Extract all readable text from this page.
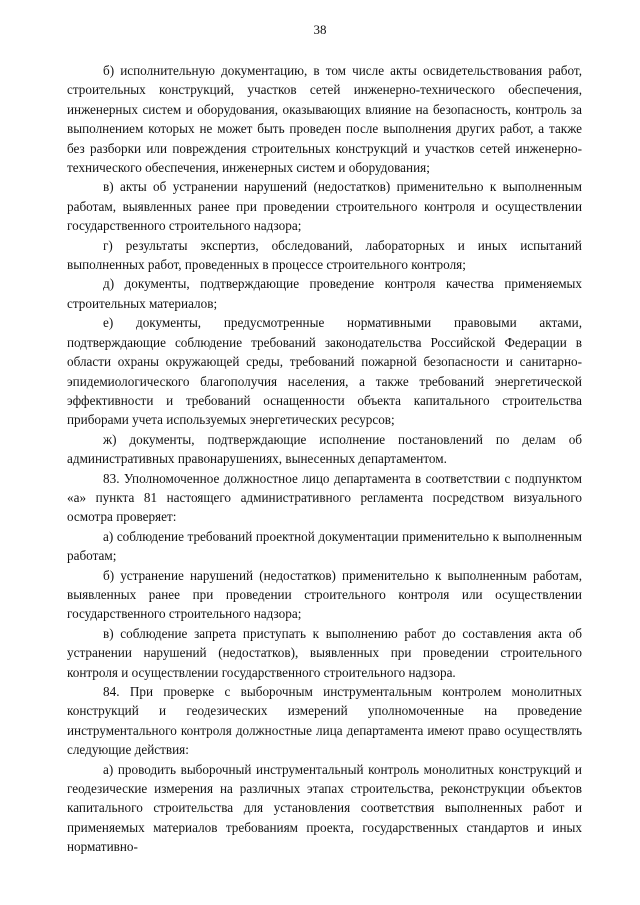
38

б) исполнительную документацию, в том числе акты освидетельствования работ, строительных конструкций, участков сетей инженерно-технического обеспечения, инженерных систем и оборудования, оказывающих влияние на безопасность, контроль за выполнением которых не может быть проведен после выполнения других работ, а также без разборки или повреждения строительных конструкций и участков сетей инженерно-технического обеспечения, инженерных систем и оборудования;

в) акты об устранении нарушений (недостатков) применительно к выполненным работам, выявленных ранее при проведении строительного контроля и осуществлении государственного строительного надзора;

г) результаты экспертиз, обследований, лабораторных и иных испытаний выполненных работ, проведенных в процессе строительного контроля;

д) документы, подтверждающие проведение контроля качества применяемых строительных материалов;

е) документы, предусмотренные нормативными правовыми актами, подтверждающие соблюдение требований законодательства Российской Федерации в области охраны окружающей среды, требований пожарной безопасности и санитарно-эпидемиологического благополучия населения, а также требований энергетической эффективности и требований оснащенности объекта капитального строительства приборами учета используемых энергетических ресурсов;

ж) документы, подтверждающие исполнение постановлений по делам об административных правонарушениях, вынесенных департаментом.

83. Уполномоченное должностное лицо департамента в соответствии с подпунктом «а» пункта 81 настоящего административного регламента посредством визуального осмотра проверяет:

а) соблюдение требований проектной документации применительно к выполненным работам;

б) устранение нарушений (недостатков) применительно к выполненным работам, выявленных ранее при проведении строительного контроля или осуществлении государственного строительного надзора;

в) соблюдение запрета приступать к выполнению работ до составления акта об устранении нарушений (недостатков), выявленных при проведении строительного контроля и осуществлении государственного строительного надзора.

84. При проверке с выборочным инструментальным контролем монолитных конструкций и геодезических измерений уполномоченные на проведение инструментального контроля должностные лица департамента имеют право осуществлять следующие действия:

а) проводить выборочный инструментальный контроль монолитных конструкций и геодезические измерения на различных этапах строительства, реконструкции объектов капитального строительства для установления соответствия выполненных работ и применяемых материалов требованиям проекта, государственных стандартов и иных нормативно-
